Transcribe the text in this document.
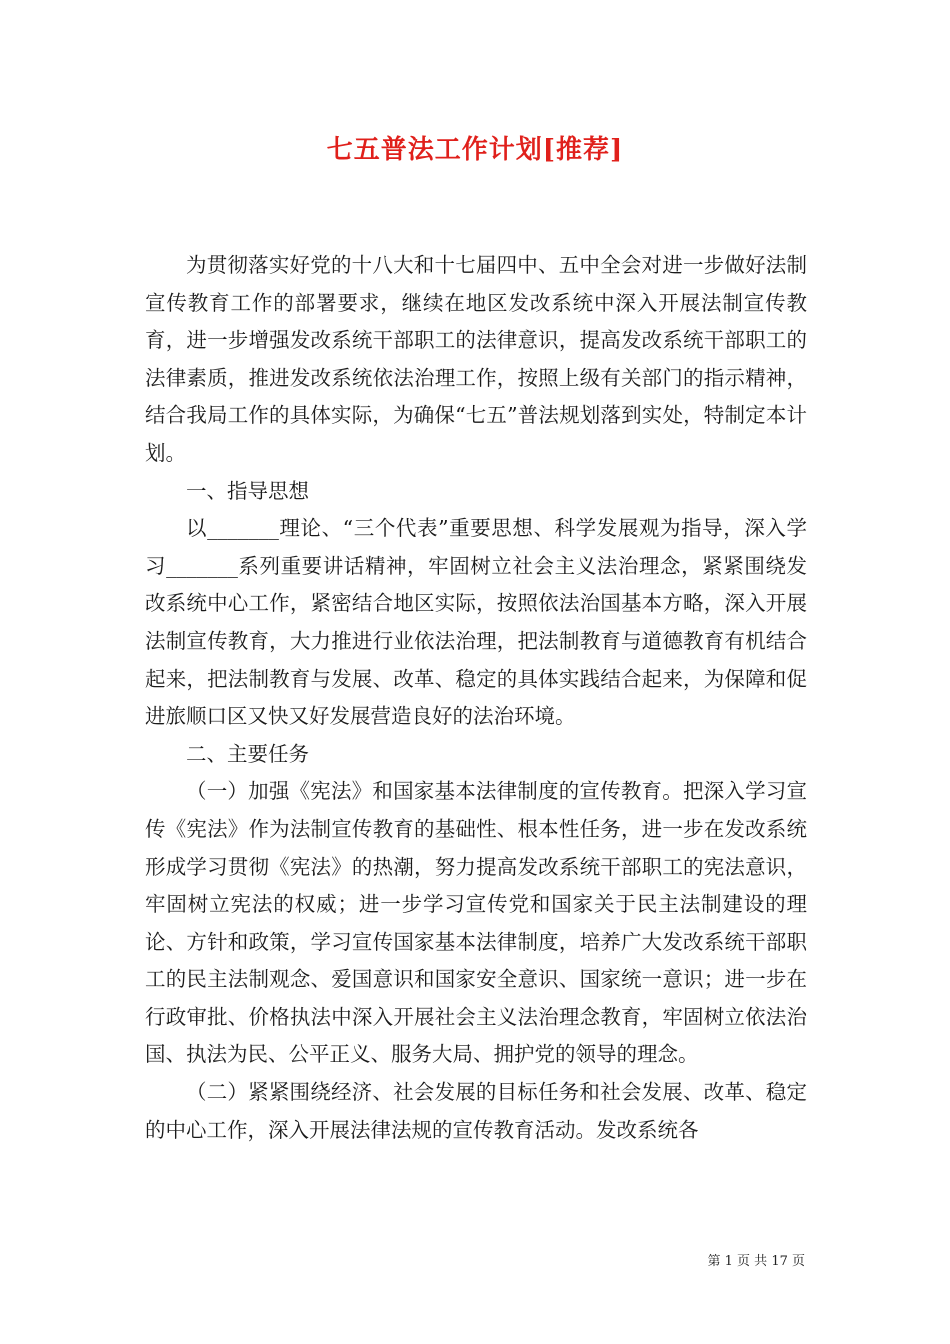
七五普法工作计划[推荐]

为贯彻落实好党的十八大和十七届四中、五中全会对进一步做好法制宣传教育工作的部署要求，继续在地区发改系统中深入开展法制宣传教育，进一步增强发改系统干部职工的法律意识，提高发改系统干部职工的法律素质，推进发改系统依法治理工作，按照上级有关部门的指示精神，结合我局工作的具体实际，为确保“七五”普法规划落到实处，特制定本计划。

一、指导思想

以_______理论、“三个代表”重要思想、科学发展观为指导，深入学习_______系列重要讲话精神，牢固树立社会主义法治理念，紧紧围绕发改系统中心工作，紧密结合地区实际，按照依法治国基本方略，深入开展法制宣传教育，大力推进行业依法治理，把法制教育与道德教育有机结合起来，把法制教育与发展、改革、稳定的具体实践结合起来，为保障和促进旅顺口区又快又好发展营造良好的法治环境。

二、主要任务

（一）加强《宪法》和国家基本法律制度的宣传教育。把深入学习宣传《宪法》作为法制宣传教育的基础性、根本性任务，进一步在发改系统形成学习贯彻《宪法》的热潮，努力提高发改系统干部职工的宪法意识，牢固树立宪法的权威；进一步学习宣传党和国家关于民主法制建设的理论、方针和政策，学习宣传国家基本法律制度，培养广大发改系统干部职工的民主法制观念、爱国意识和国家安全意识、国家统一意识；进一步在行政审批、价格执法中深入开展社会主义法治理念教育，牢固树立依法治国、执法为民、公平正义、服务大局、拥护党的领导的理念。

（二）紧紧围绕经济、社会发展的目标任务和社会发展、改革、稳定的中心工作，深入开展法律法规的宣传教育活动。发改系统各

第 1 页 共 17 页
